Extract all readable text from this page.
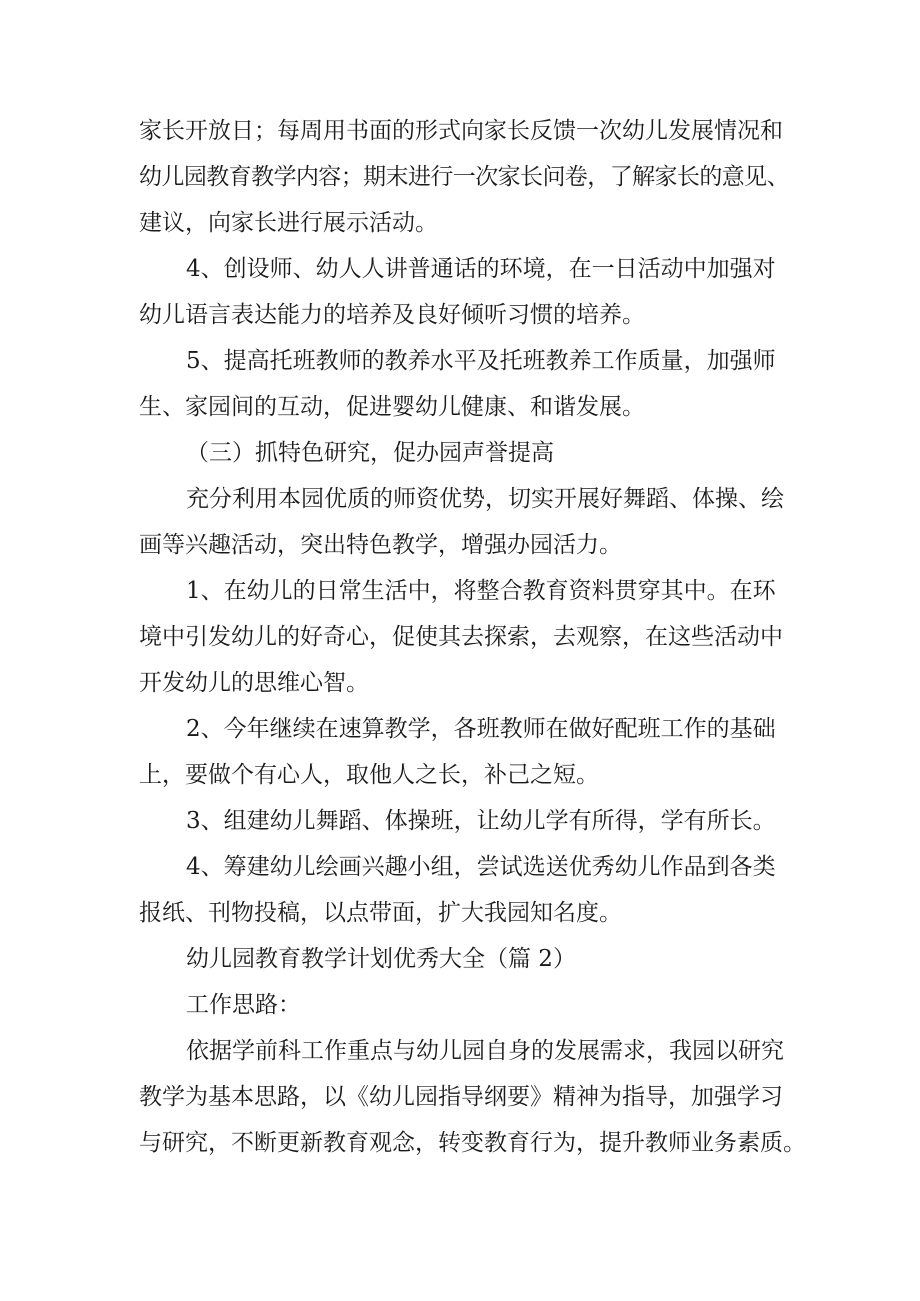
家长开放日；每周用书面的形式向家长反馈一次幼儿发展情况和
幼儿园教育教学内容；期末进行一次家长问卷，了解家长的意见、
建议，向家长进行展示活动。
4、创设师、幼人人讲普通话的环境，在一日活动中加强对
幼儿语言表达能力的培养及良好倾听习惯的培养。
5、提高托班教师的教养水平及托班教养工作质量，加强师
生、家园间的互动，促进婴幼儿健康、和谐发展。
（三）抓特色研究，促办园声誉提高
充分利用本园优质的师资优势，切实开展好舞蹈、体操、绘
画等兴趣活动，突出特色教学，增强办园活力。
1、在幼儿的日常生活中，将整合教育资料贯穿其中。在环
境中引发幼儿的好奇心，促使其去探索，去观察，在这些活动中
开发幼儿的思维心智。
2、今年继续在速算教学，各班教师在做好配班工作的基础
上，要做个有心人，取他人之长，补己之短。
3、组建幼儿舞蹈、体操班，让幼儿学有所得，学有所长。
4、筹建幼儿绘画兴趣小组，尝试选送优秀幼儿作品到各类
报纸、刊物投稿，以点带面，扩大我园知名度。
幼儿园教育教学计划优秀大全（篇 2）
工作思路：
依据学前科工作重点与幼儿园自身的发展需求，我园以研究
教学为基本思路，以《幼儿园指导纲要》精神为指导，加强学习
与研究，不断更新教育观念，转变教育行为，提升教师业务素质。
